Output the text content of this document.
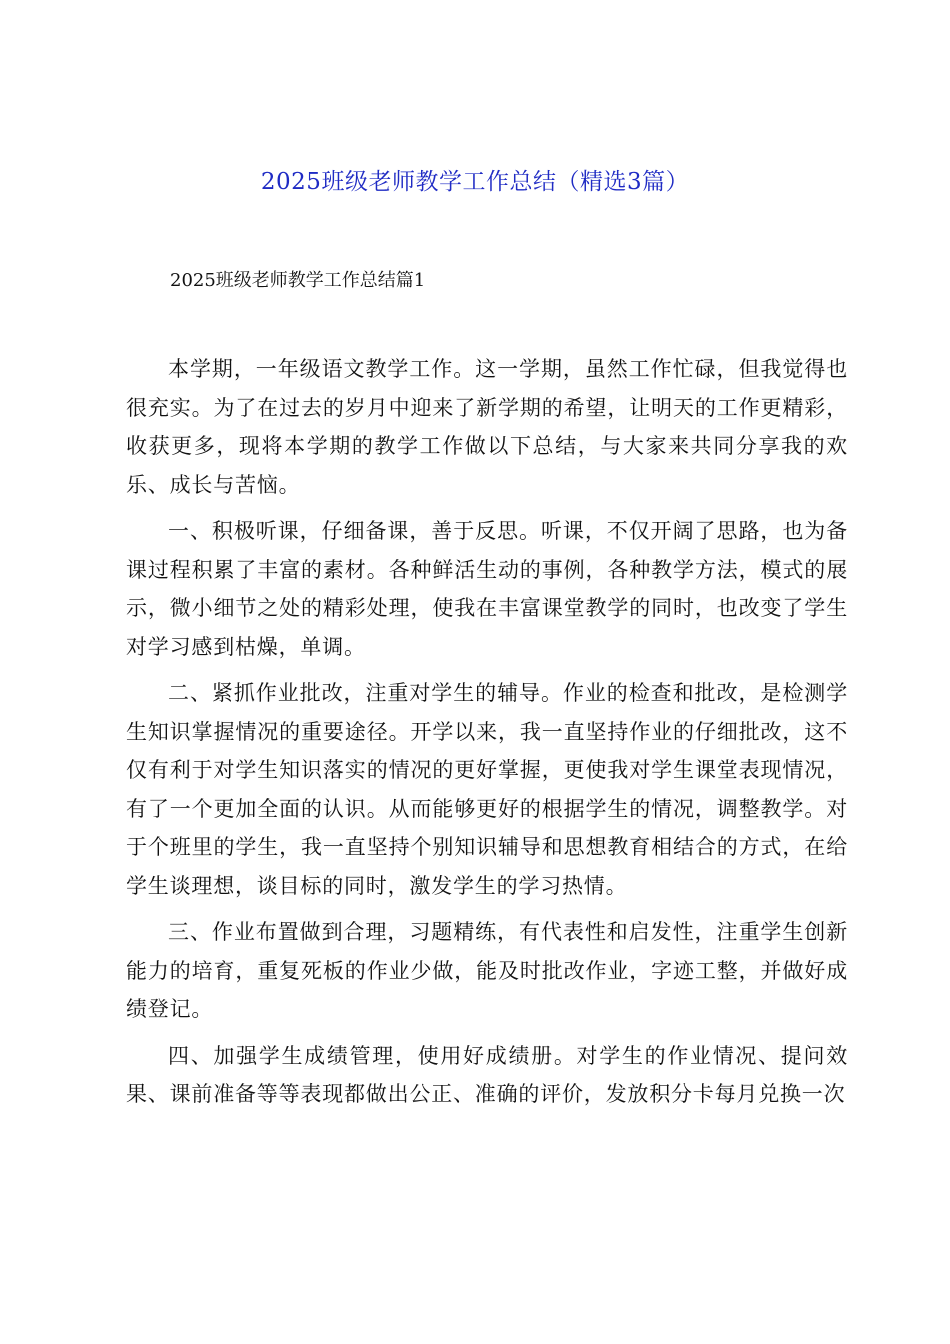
2025班级老师教学工作总结（精选3篇）
2025班级老师教学工作总结篇1

本学期，一年级语文教学工作。这一学期，虽然工作忙碌，但我觉得也很充实。为了在过去的岁月中迎来了新学期的希望，让明天的工作更精彩，收获更多，现将本学期的教学工作做以下总结，与大家来共同分享我的欢乐、成长与苦恼。

一、积极听课，仔细备课，善于反思。听课，不仅开阔了思路，也为备课过程积累了丰富的素材。各种鲜活生动的事例，各种教学方法，模式的展示，微小细节之处的精彩处理，使我在丰富课堂教学的同时，也改变了学生对学习感到枯燥，单调。

二、紧抓作业批改，注重对学生的辅导。作业的检查和批改，是检测学生知识掌握情况的重要途径。开学以来，我一直坚持作业的仔细批改，这不仅有利于对学生知识落实的情况的更好掌握，更使我对学生课堂表现情况，有了一个更加全面的认识。从而能够更好的根据学生的情况，调整教学。对于个班里的学生，我一直坚持个别知识辅导和思想教育相结合的方式，在给学生谈理想，谈目标的同时，激发学生的学习热情。

三、作业布置做到合理，习题精练，有代表性和启发性，注重学生创新能力的培育，重复死板的作业少做，能及时批改作业，字迹工整，并做好成绩登记。

四、加强学生成绩管理，使用好成绩册。对学生的作业情况、提问效果、课前准备等等表现都做出公正、准确的评价，发放积分卡每月兑换一次
